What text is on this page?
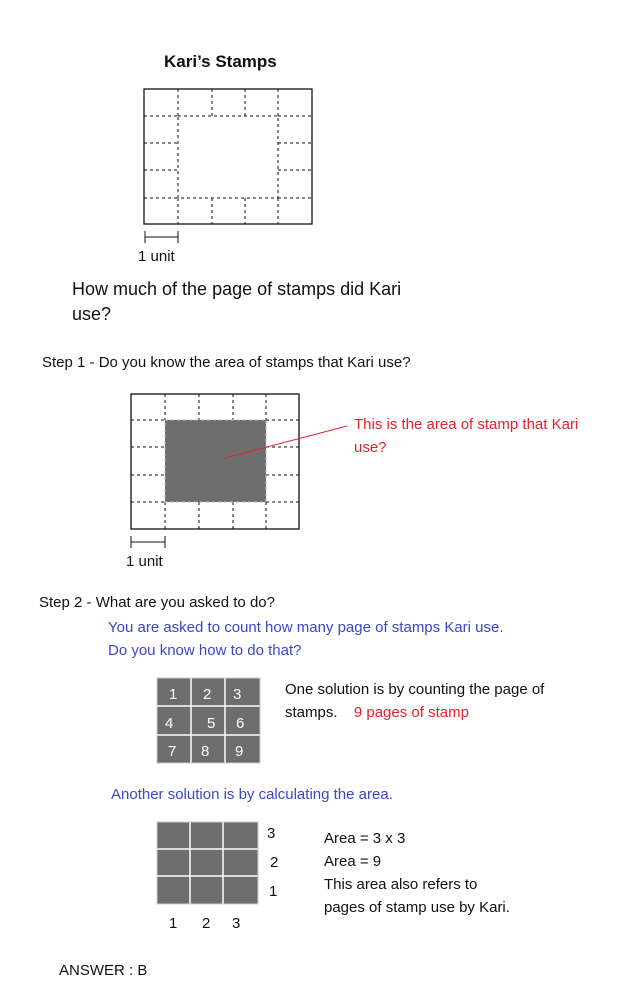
Kari’s Stamps
1 2 3
4 5 6
7 8 9
3
2
1
1 2 3
1 unit
How much of the page of stamps did Kari use?
Step 1 - Do you know the area of stamps that Kari use?
This is the area of stamp that Kari use?
1 unit
Step 2 - What are you asked to do?
You are asked to count how many page of stamps Kari use.
Do you know how to do that?
One solution is by counting the page of stamps. 9 pages of stamp
Another solution is by calculating the area.
Area = 3 x 3
Area = 9
This area also refers to pages of stamp use by Kari.
ANSWER : B
